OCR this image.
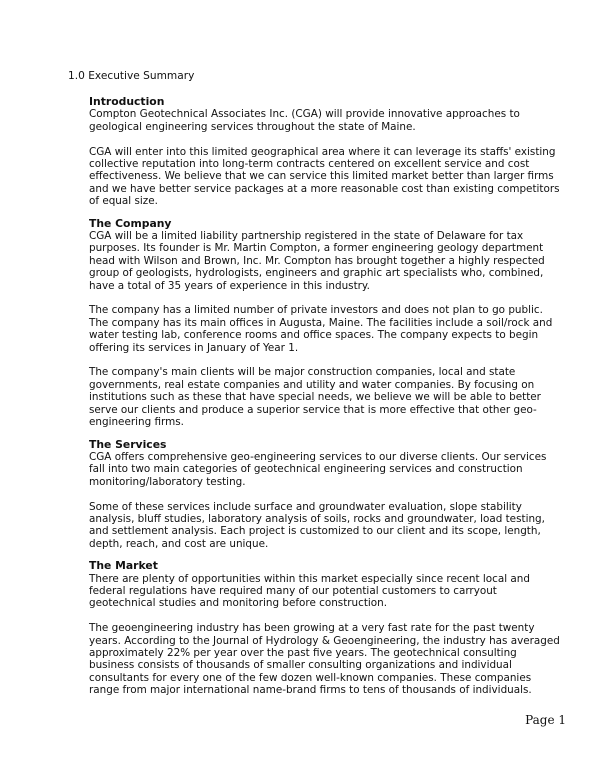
1.0 Executive Summary
Introduction

Compton Geotechnical Associates Inc. (CGA) will provide innovative approaches to geological engineering services throughout the state of Maine.

CGA will enter into this limited geographical area where it can leverage its staffs' existing collective reputation into long-term contracts centered on excellent service and cost effectiveness. We believe that we can service this limited market better than larger firms and we have better service packages at a more reasonable cost than existing competitors of equal size.

The Company

CGA will be a limited liability partnership registered in the state of Delaware for tax purposes. Its founder is Mr. Martin Compton, a former engineering geology department head with Wilson and Brown, Inc. Mr. Compton has brought together a highly respected group of geologists, hydrologists, engineers and graphic art specialists who, combined, have a total of 35 years of experience in this industry.

The company has a limited number of private investors and does not plan to go public. The company has its main offices in Augusta, Maine. The facilities include a soil/rock and water testing lab, conference rooms and office spaces. The company expects to begin offering its services in January of Year 1.

The company's main clients will be major construction companies, local and state governments, real estate companies and utility and water companies. By focusing on institutions such as these that have special needs, we believe we will be able to better serve our clients and produce a superior service that is more effective that other geo-engineering firms.

The Services

CGA offers comprehensive geo-engineering services to our diverse clients. Our services fall into two main categories of geotechnical engineering services and construction monitoring/laboratory testing.

Some of these services include surface and groundwater evaluation, slope stability analysis, bluff studies, laboratory analysis of soils, rocks and groundwater, load testing, and settlement analysis. Each project is customized to our client and its scope, length, depth, reach, and cost are unique.

The Market

There are plenty of opportunities within this market especially since recent local and federal regulations have required many of our potential customers to carryout geotechnical studies and monitoring before construction.

The geoengineering industry has been growing at a very fast rate for the past twenty years. According to the Journal of Hydrology & Geoengineering, the industry has averaged approximately 22% per year over the past five years. The geotechnical consulting business consists of thousands of smaller consulting organizations and individual consultants for every one of the few dozen well-known companies. These companies range from major international name-brand firms to tens of thousands of individuals.

Page 1
